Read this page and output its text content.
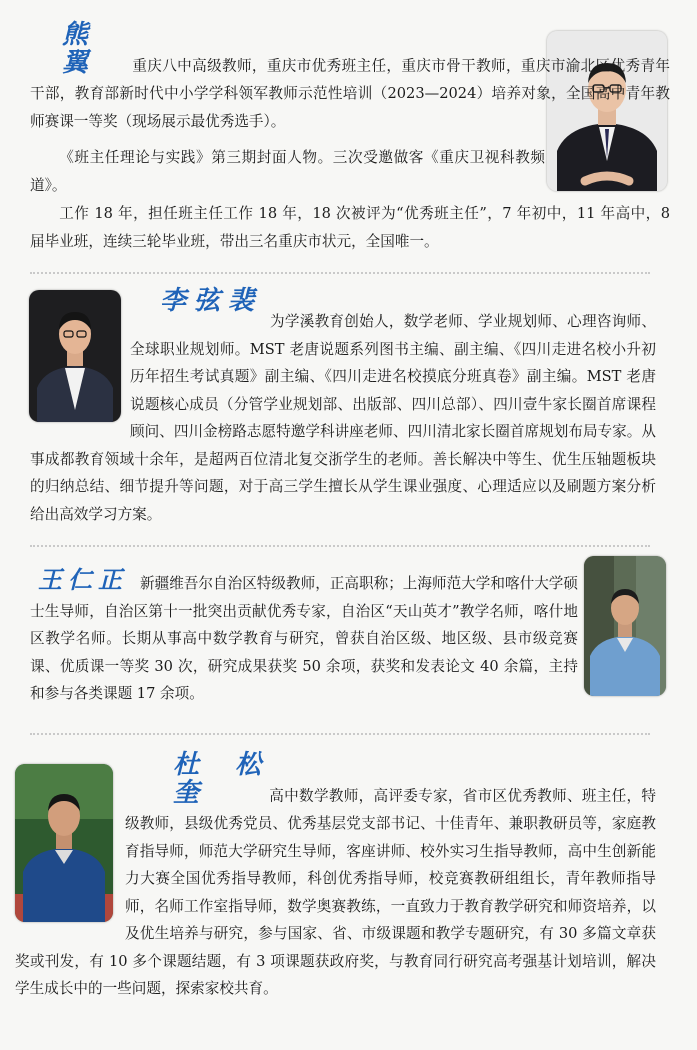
熊 翼 重庆八中高级教师，重庆市优秀班主任，重庆市骨干教师，重庆市渝北区优秀青年干部，教育部新时代中小学学科领军教师示范性培训（2023—2024）培养对象，全国高中青年教师赛课一等奖（现场展示最优秀选手）。

《班主任理论与实践》第三期封面人物。三次受邀做客《重庆卫视科教频道》。

工作 18 年，担任班主任工作 18 年，18 次被评为“优秀班主任”，7 年初中，11 年高中，8 届毕业班，连续三轮毕业班，带出三名重庆市状元，全国唯一。

李弦裴

为学溪教育创始人，数学老师、学业规划师、心理咨询师、全球职业规划师。MST 老唐说题系列图书主编、副主编、《四川走进名校小升初历年招生考试真题》副主编、《四川走进名校摸底分班真卷》副主编。MST 老唐说题核心成员（分管学业规划部、出版部、四川总部）、四川壹牛家长圈首席课程顾问、四川金榜路志愿特邀学科讲座老师、四川清北家长圈首席规划布局专家。从事成都教育领域十余年，是超两百位清北复交浙学生的老师。善长解决中等生、优生压轴题板块的归纳总结、细节提升等问题，对于高三学生擅长从学生课业强度、心理适应以及刷题方案分析给出高效学习方案。

王仁正 新疆维吾尔自治区特级教师，正高职称；上海师范大学和喀什大学硕士生导师，自治区第十一批突出贡献优秀专家，自治区“天山英才”教学名师，喀什地区教学名师。长期从事高中数学教育与研究，曾获自治区级、地区级、县市级竞赛课、优质课一等奖 30 次，研究成果获奖 50 余项，获奖和发表论文 40 余篇，主持和参与各类课题 17 余项。

杜松奎	高中数学教师，高评委专家，省市区优秀教师、班主任，特级教师，县级优秀党员、优秀基层党支部书记、十佳青年、兼职教研员等，家庭教育指导师，师范大学研究生导师，客座讲师、校外实习生指导教师，高中生创新能力大赛全国优秀指导教师，科创优秀指导师，校竞赛教研组组长，青年教师指导师，名师工作室指导师，数学奥赛教练，一直致力于教育教学研究和师资培养，以及优生培养与研究，参与国家、省、市级课题和教学专题研究，有 30 多篇文章获奖或刊发，有 10 多个课题结题，有 3 项课题获政府奖，与教育同行研究高考强基计划培训，解决学生成长中的一些问题，探索家校共育。
